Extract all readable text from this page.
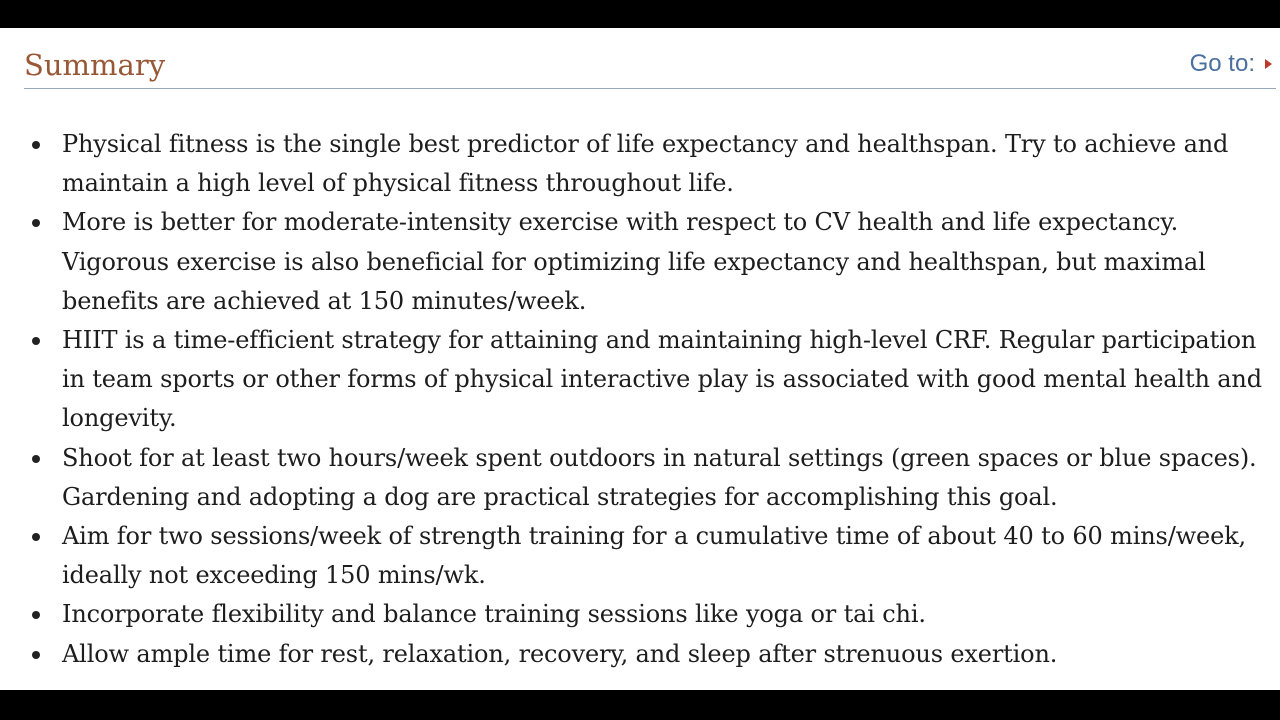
Summary	Go to:
Physical fitness is the single best predictor of life expectancy and healthspan. Try to achieve and maintain a high level of physical fitness throughout life.
More is better for moderate-intensity exercise with respect to CV health and life expectancy. Vigorous exercise is also beneficial for optimizing life expectancy and healthspan, but maximal benefits are achieved at 150 minutes/week.
HIIT is a time-efficient strategy for attaining and maintaining high-level CRF. Regular participation in team sports or other forms of physical interactive play is associated with good mental health and longevity.
Shoot for at least two hours/week spent outdoors in natural settings (green spaces or blue spaces). Gardening and adopting a dog are practical strategies for accomplishing this goal.
Aim for two sessions/week of strength training for a cumulative time of about 40 to 60 mins/week, ideally not exceeding 150 mins/wk.
Incorporate flexibility and balance training sessions like yoga or tai chi.
Allow ample time for rest, relaxation, recovery, and sleep after strenuous exertion.
